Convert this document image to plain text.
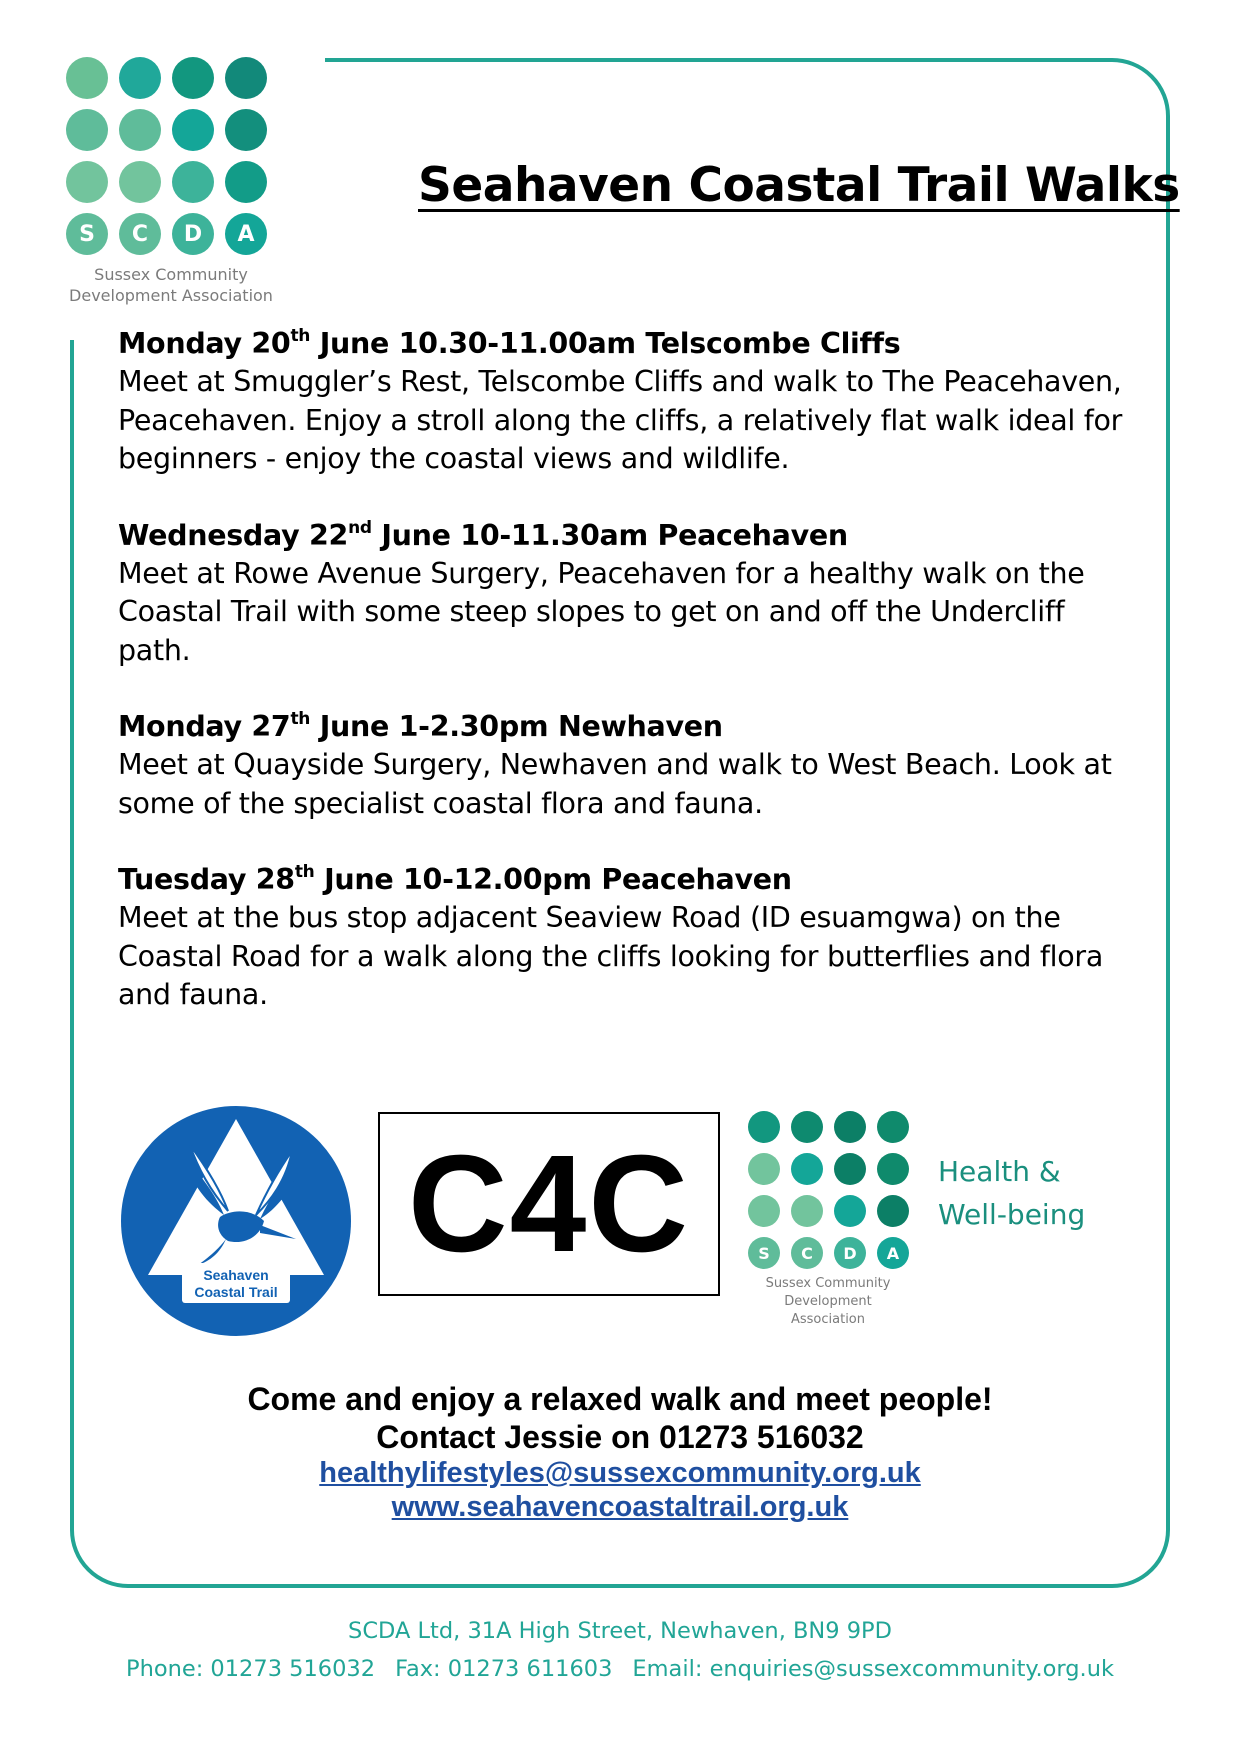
S	C	D	A
Sussex Community
Development Association
Seahaven Coastal Trail Walks
Monday 20th June 10.30-11.00am Telscombe Cliffs
Meet at Smuggler’s Rest, Telscombe Cliffs and walk to The Peacehaven, Peacehaven. Enjoy a stroll along the cliffs, a relatively flat walk ideal for beginners - enjoy the coastal views and wildlife.
Wednesday 22nd June 10-11.30am Peacehaven
Meet at Rowe Avenue Surgery, Peacehaven for a healthy walk on the Coastal Trail with some steep slopes to get on and off the Undercliff path.
Monday 27th June 1-2.30pm Newhaven
Meet at Quayside Surgery, Newhaven and walk to West Beach. Look at some of the specialist coastal flora and fauna.
Tuesday 28th June 10-12.00pm Peacehaven
Meet at the bus stop adjacent Seaview Road (ID esuamgwa) on the Coastal Road for a walk along the cliffs looking for butterflies and flora and fauna.
Seahaven
Coastal Trail
C4C	S	C	D	A
Sussex Community
Development Association
Health &
Well-being
Come and enjoy a relaxed walk and meet people!
Contact Jessie on 01273 516032
healthylifestyles@sussexcommunity.org.uk
www.seahavencoastaltrail.org.uk
SCDA Ltd, 31A High Street, Newhaven, BN9 9PD
Phone: 01273 516032 Fax: 01273 611603 Email: enquiries@sussexcommunity.org.uk
